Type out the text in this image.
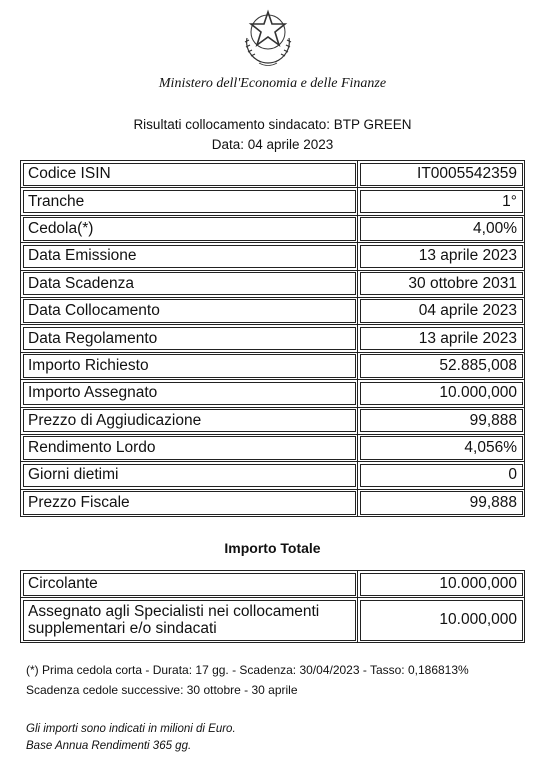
Ministero dell'Economia e delle Finanze
Risultati collocamento sindacato: BTP GREEN
Data: 04 aprile 2023
Codice ISIN	IT0005542359
Tranche	1°
Cedola(*)	4,00%
Data Emissione	13 aprile 2023
Data Scadenza	30 ottobre 2031
Data Collocamento	04 aprile 2023
Data Regolamento	13 aprile 2023
Importo Richiesto	52.885,008
Importo Assegnato	10.000,000
Prezzo di Aggiudicazione	99,888
Rendimento Lordo	4,056%
Giorni dietimi	0
Prezzo Fiscale	99,888
Importo Totale
Circolante	10.000,000
Assegnato agli Specialisti nei collocamenti supplementari e/o sindacati	10.000,000
(*) Prima cedola corta - Durata: 17 gg. - Scadenza: 30/04/2023 - Tasso: 0,186813%
Scadenza cedole successive: 30 ottobre - 30 aprile
Gli importi sono indicati in milioni di Euro.
Base Annua Rendimenti 365 gg.
